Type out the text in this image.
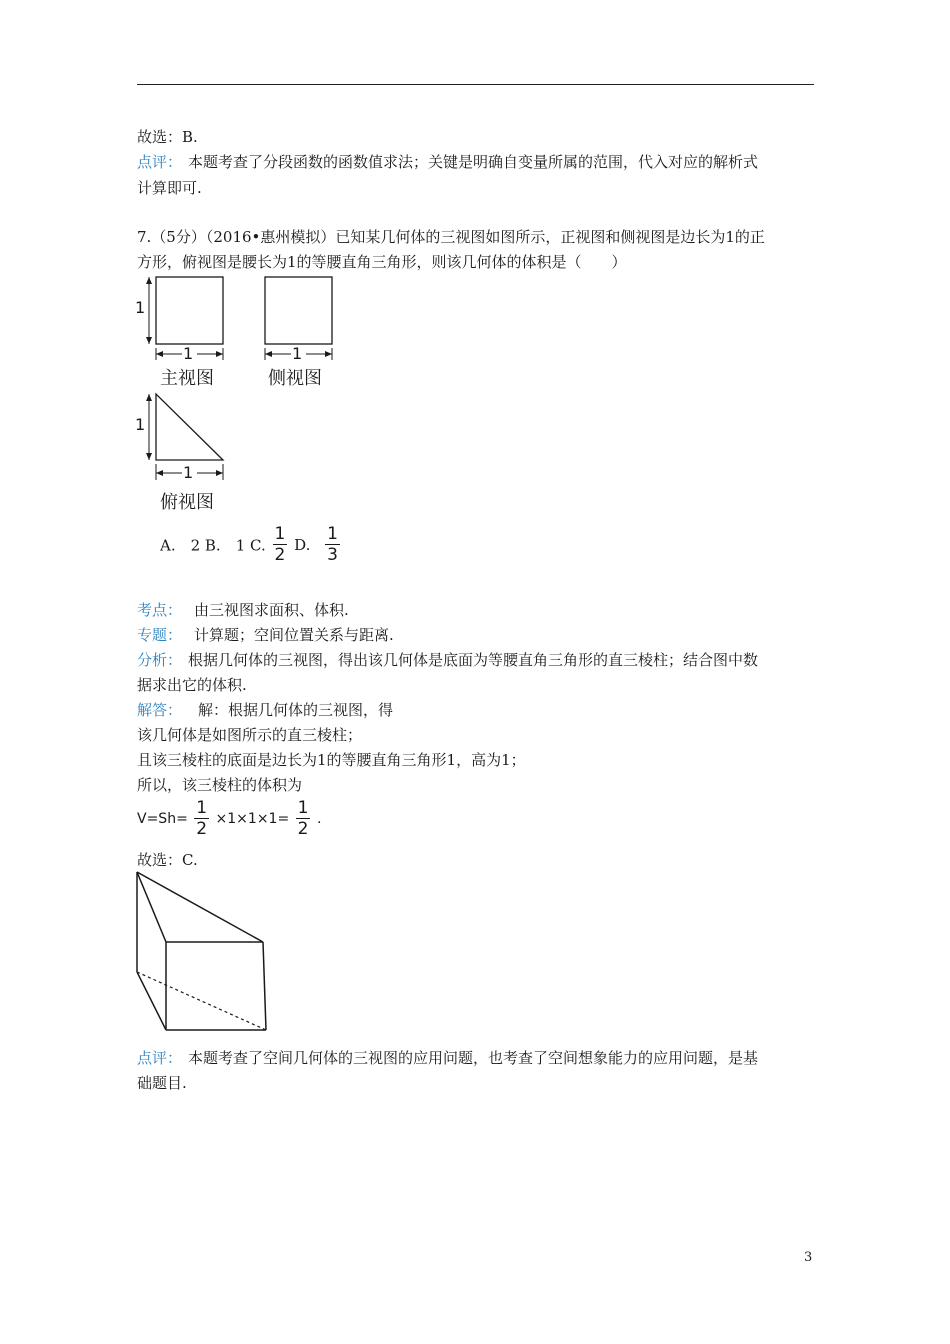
故选：B.
点评： 本题考查了分段函数的函数值求法；关键是明确自变量所属的范围，代入对应的解析式
计算即可.
7.（5分）（2016•惠州模拟）已知某几何体的三视图如图所示，正视图和侧视图是边长为1的正
方形，俯视图是腰长为1的等腰直角三角形，则该几何体的体积是（　　）
1
1	1
1
1
主视图	侧视图
俯视图
A.　2 B.　1 C. $\frac{1}{2} D$. $\frac{1}{3}$
考点： 由三视图求面积、体积.
专题： 计算题；空间位置关系与距离.
分析： 根据几何体的三视图，得出该几何体是底面为等腰直角三角形的直三棱柱；结合图中数
据求出它的体积.
解答： 解：根据几何体的三视图，得
该几何体是如图所示的直三棱柱；
且该三棱柱的底面是边长为1的等腰直角三角形1，高为1；
所以，该三棱柱的体积为
$V=Sh= \frac{1}{2} \times 1\times 1\times 1= \frac{1}{2}$ .
故选：C.
点评： 本题考查了空间几何体的三视图的应用问题，也考查了空间想象能力的应用问题，是基
础题目.
3
